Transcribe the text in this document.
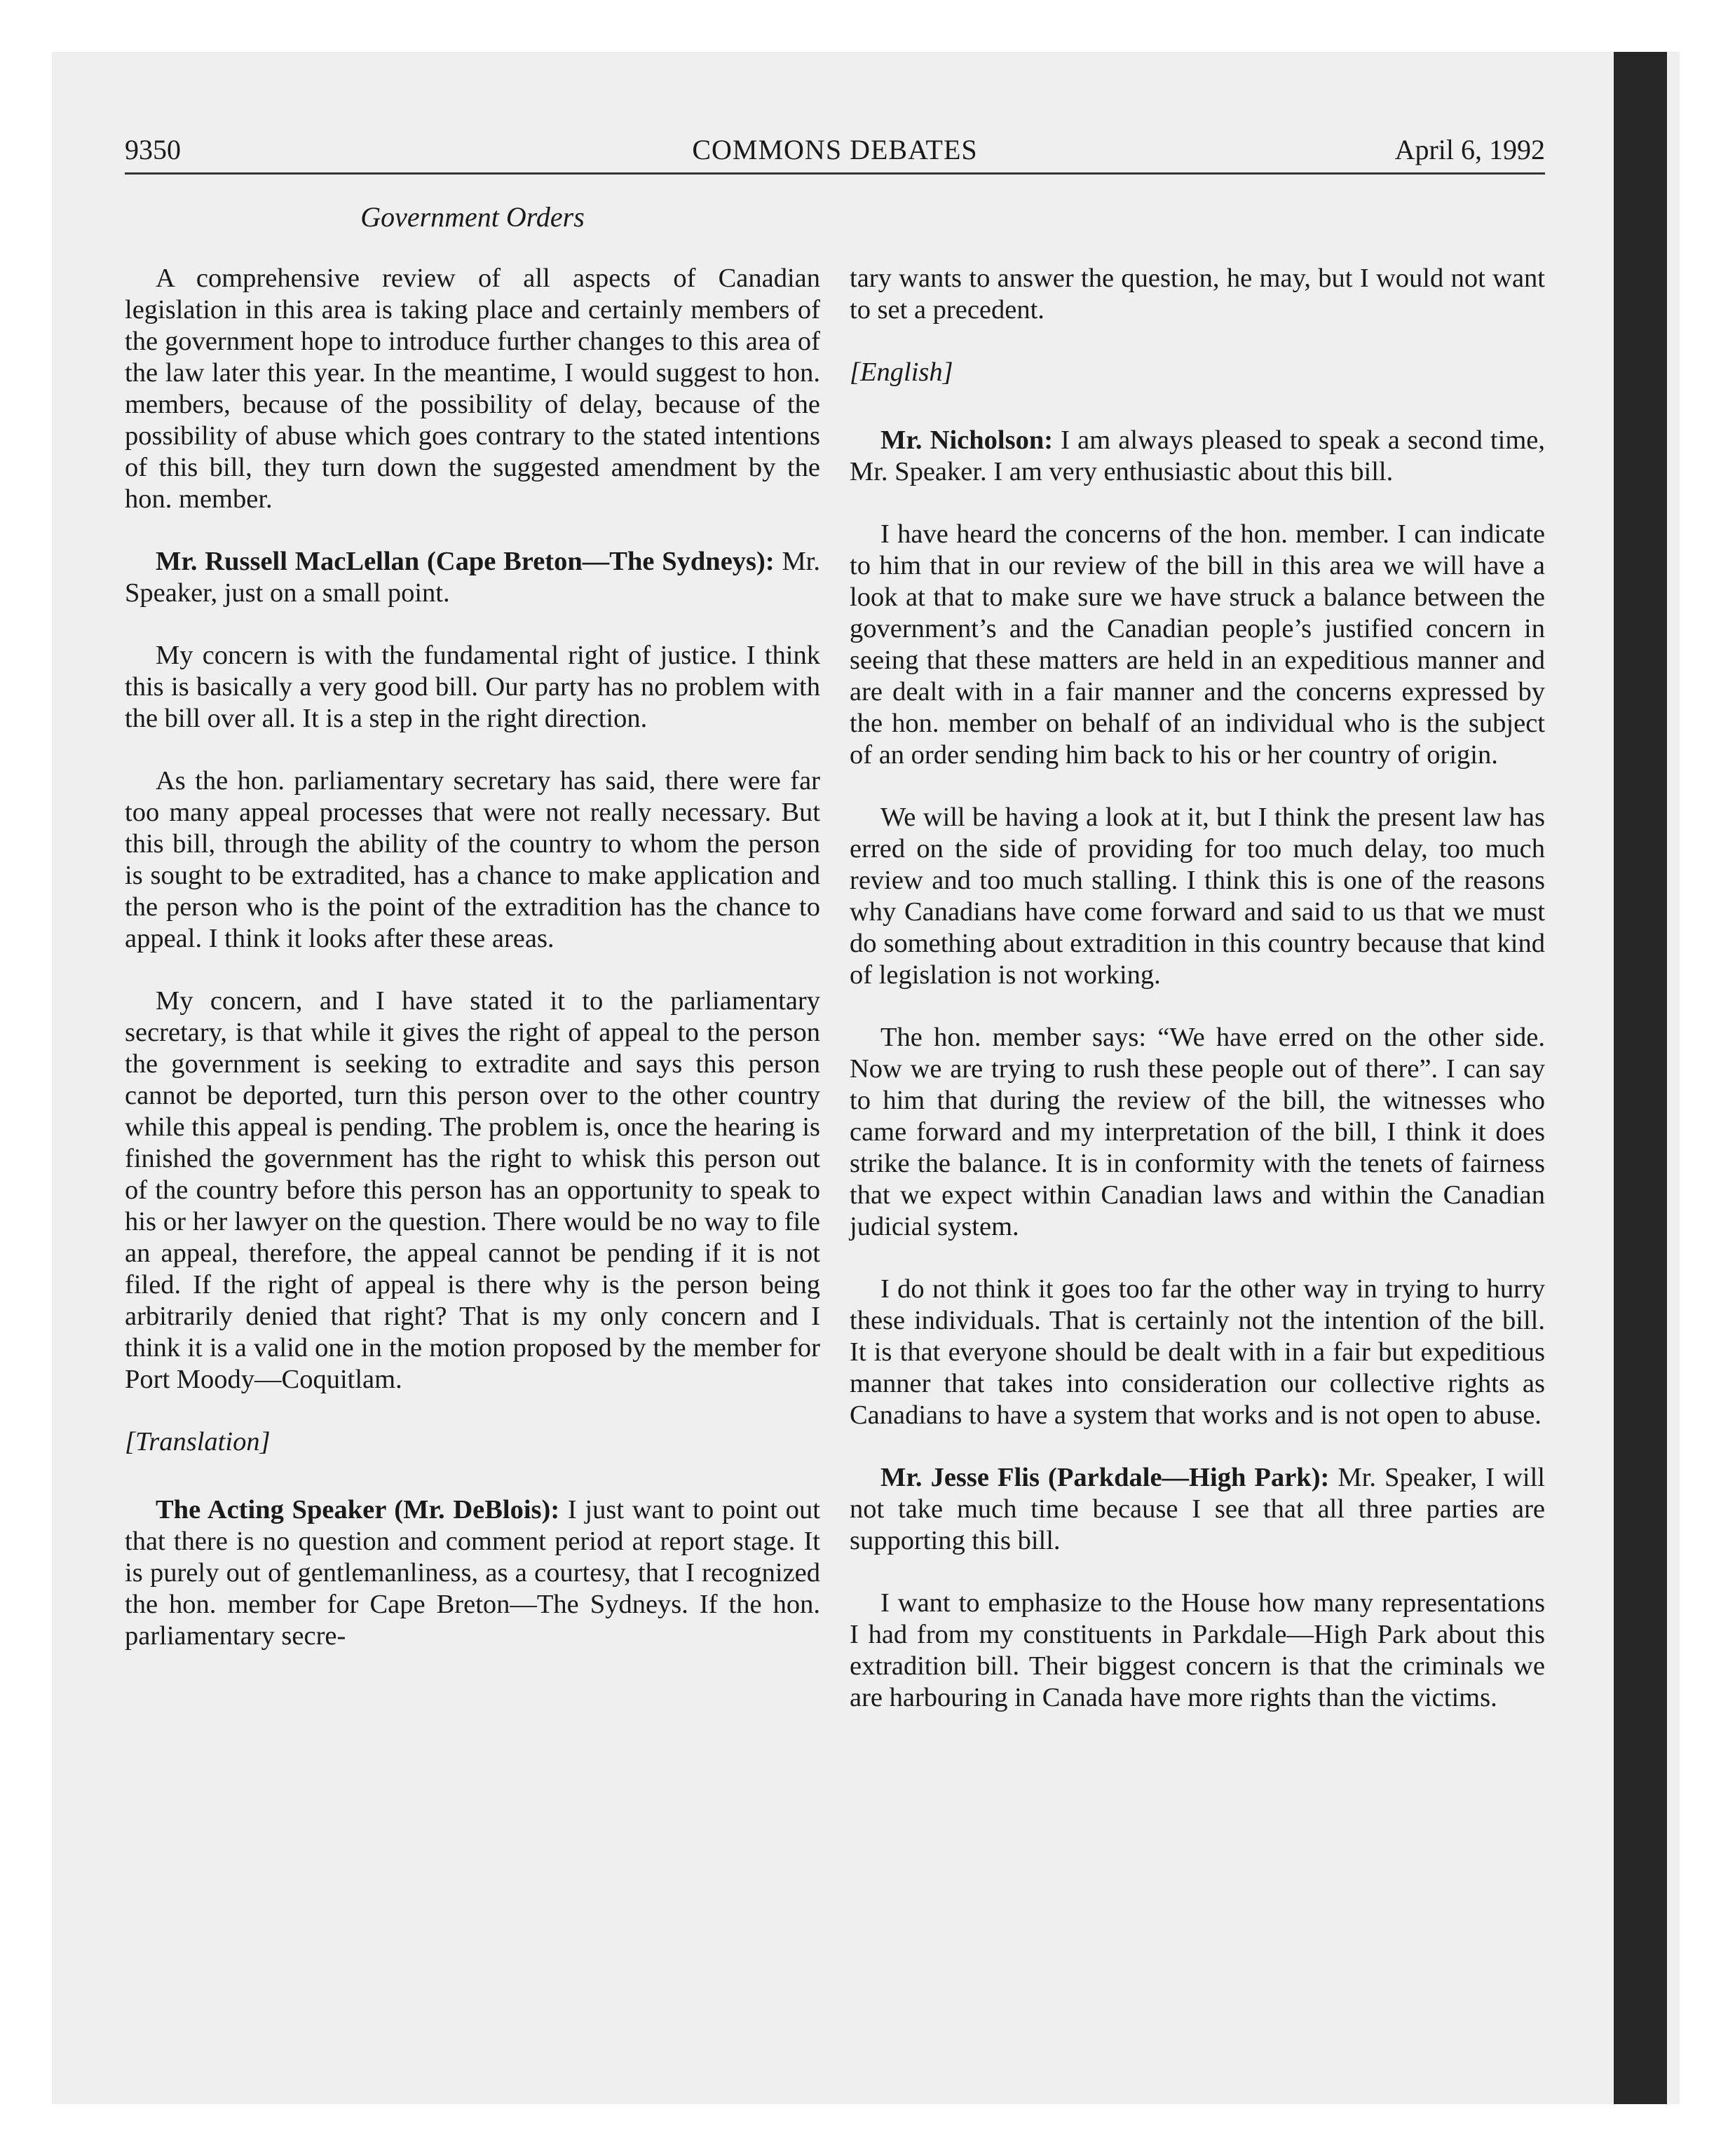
9350	COMMONS DEBATES	April 6, 1992
Government Orders

A comprehensive review of all aspects of Canadian legislation in this area is taking place and certainly members of the government hope to introduce further changes to this area of the law later this year. In the meantime, I would suggest to hon. members, because of the possibility of delay, because of the possibility of abuse which goes contrary to the stated intentions of this bill, they turn down the suggested amendment by the hon. member.

Mr. Russell MacLellan (Cape Breton—The Sydneys): Mr. Speaker, just on a small point.

My concern is with the fundamental right of justice. I think this is basically a very good bill. Our party has no problem with the bill over all. It is a step in the right direction.

As the hon. parliamentary secretary has said, there were far too many appeal processes that were not really necessary. But this bill, through the ability of the country to whom the person is sought to be extradited, has a chance to make application and the person who is the point of the extradition has the chance to appeal. I think it looks after these areas.

My concern, and I have stated it to the parliamentary secretary, is that while it gives the right of appeal to the person the government is seeking to extradite and says this person cannot be deported, turn this person over to the other country while this appeal is pending. The problem is, once the hearing is finished the government has the right to whisk this person out of the country before this person has an opportunity to speak to his or her lawyer on the question. There would be no way to file an appeal, therefore, the appeal cannot be pending if it is not filed. If the right of appeal is there why is the person being arbitrarily denied that right? That is my only concern and I think it is a valid one in the motion proposed by the member for Port Moody—Coquitlam.

[Translation]

The Acting Speaker (Mr. DeBlois): I just want to point out that there is no question and comment period at report stage. It is purely out of gentlemanliness, as a courtesy, that I recognized the hon. member for Cape Breton—The Sydneys. If the hon. parliamentary secre-

tary wants to answer the question, he may, but I would not want to set a precedent.

[English]

Mr. Nicholson: I am always pleased to speak a second time, Mr. Speaker. I am very enthusiastic about this bill.

I have heard the concerns of the hon. member. I can indicate to him that in our review of the bill in this area we will have a look at that to make sure we have struck a balance between the government’s and the Canadian people’s justified concern in seeing that these matters are held in an expeditious manner and are dealt with in a fair manner and the concerns expressed by the hon. member on behalf of an individual who is the subject of an order sending him back to his or her country of origin.

We will be having a look at it, but I think the present law has erred on the side of providing for too much delay, too much review and too much stalling. I think this is one of the reasons why Canadians have come forward and said to us that we must do something about extradition in this country because that kind of legislation is not working.

The hon. member says: “We have erred on the other side. Now we are trying to rush these people out of there”. I can say to him that during the review of the bill, the witnesses who came forward and my interpretation of the bill, I think it does strike the balance. It is in conformity with the tenets of fairness that we expect within Canadian laws and within the Canadian judicial system.

I do not think it goes too far the other way in trying to hurry these individuals. That is certainly not the intention of the bill. It is that everyone should be dealt with in a fair but expeditious manner that takes into consideration our collective rights as Canadians to have a system that works and is not open to abuse.

Mr. Jesse Flis (Parkdale—High Park): Mr. Speaker, I will not take much time because I see that all three parties are supporting this bill.

I want to emphasize to the House how many representations I had from my constituents in Parkdale—High Park about this extradition bill. Their biggest concern is that the criminals we are harbouring in Canada have more rights than the victims.
